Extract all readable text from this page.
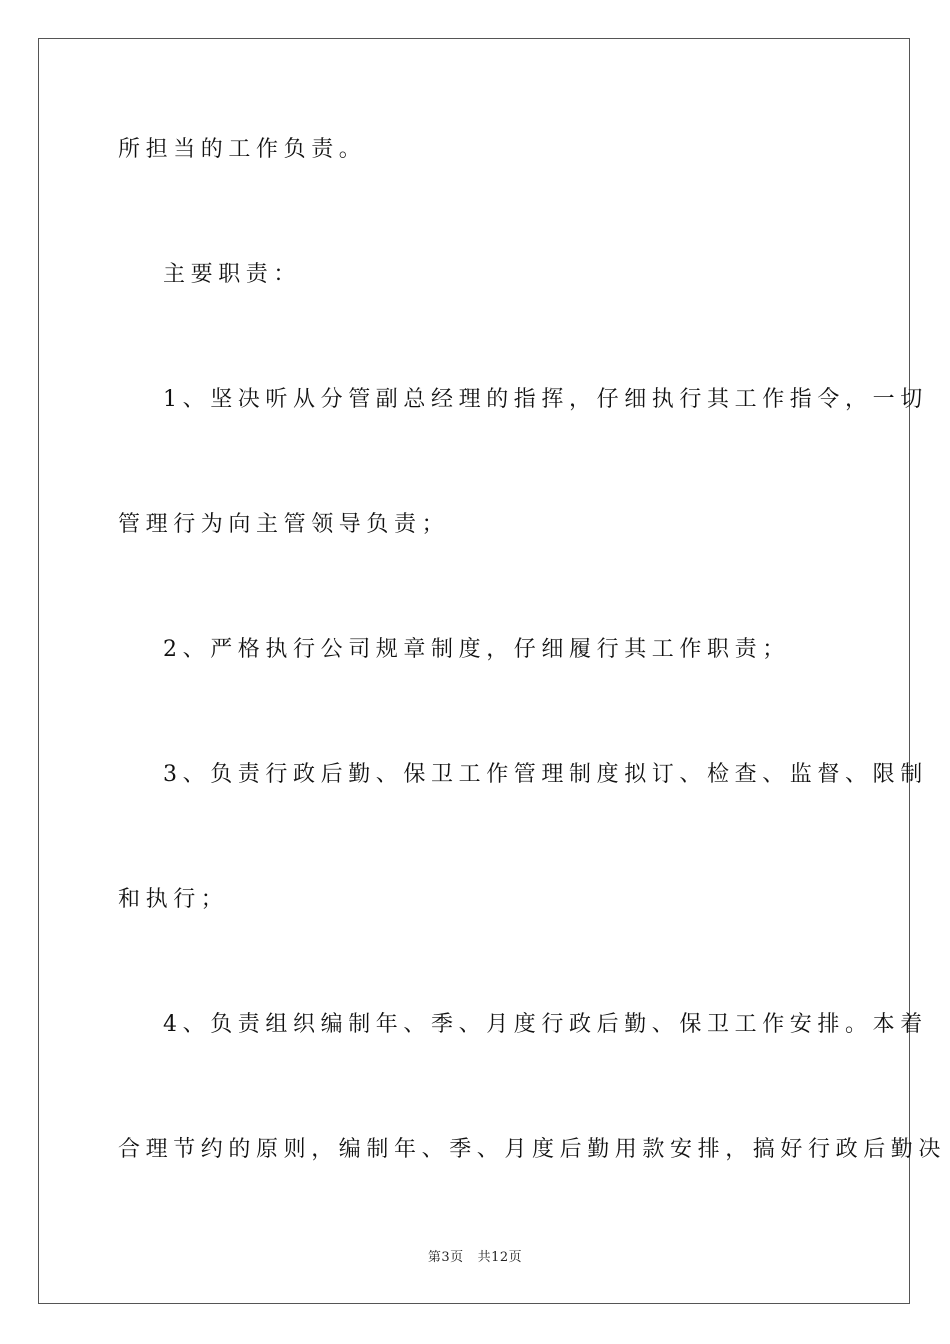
所担当的工作负责。
主要职责：
1、坚决听从分管副总经理的指挥，仔细执行其工作指令，一切
管理行为向主管领导负责；
2、严格执行公司规章制度，仔细履行其工作职责；
3、负责行政后勤、保卫工作管理制度拟订、检查、监督、限制
和执行；
4、负责组织编制年、季、月度行政后勤、保卫工作安排。本着
合理节约的原则，编制年、季、月度后勤用款安排，搞好行政后勤决
第3页 共12页
